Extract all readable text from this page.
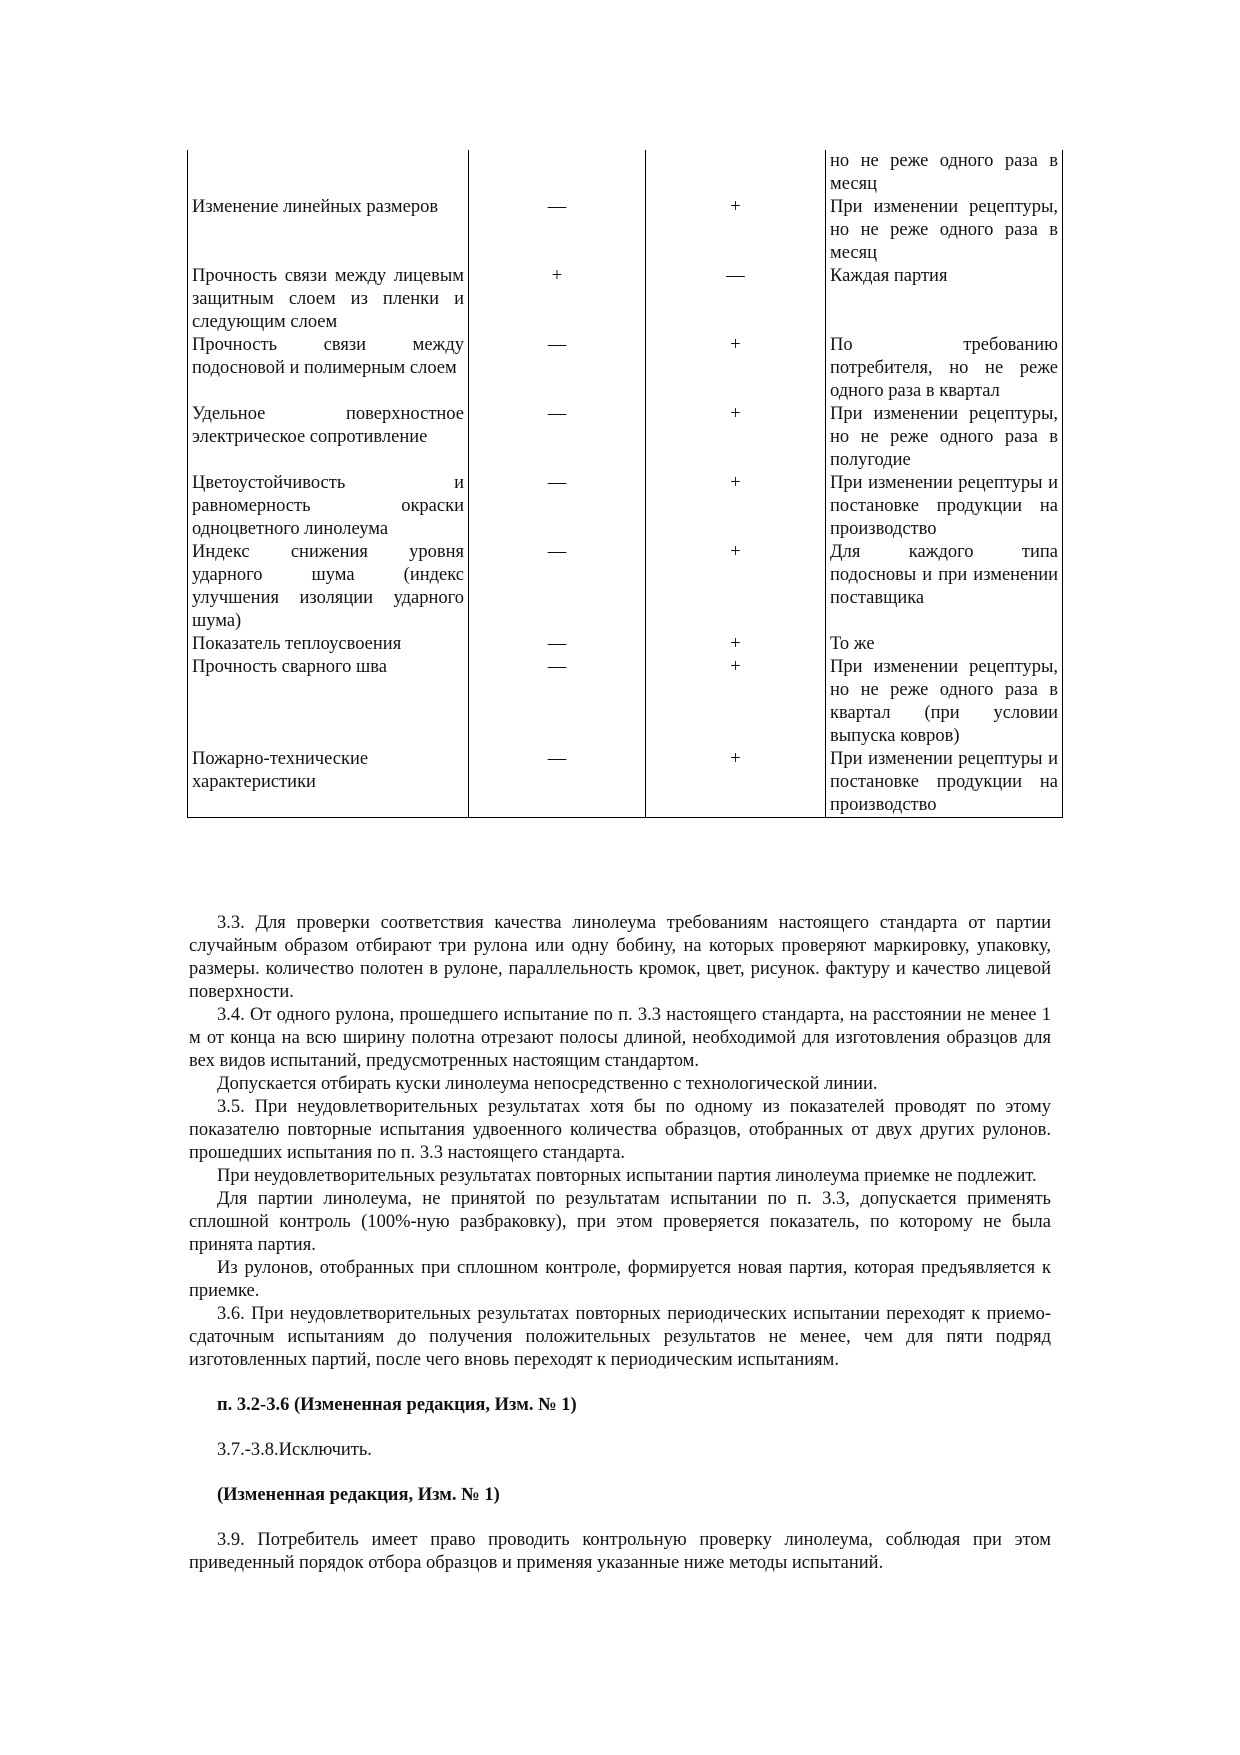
			но не реже одного раза в месяц
Изменение линейных размеров	—	+	При изменении рецептуры, но не реже одного раза в месяц
Прочность связи между лицевым защитным слоем из пленки и следующим слоем	+	—	Каждая партия
Прочность связи между подосновой и полимерным слоем	—	+	По требованию потребителя, но не реже одного раза в квартал
Удельное поверхностное электрическое сопротивление	—	+	При изменении рецептуры, но не реже одного раза в полугодие
Цветоустойчивость и равномерность окраски одноцветного линолеума	—	+	При изменении рецептуры и постановке продукции на производство
Индекс снижения уровня ударного шума (индекс улучшения изоляции ударного шума)	—	+	Для каждого типа подосновы и при изменении поставщика
Показатель теплоусвоения	—	+	То же
Прочность сварного шва	—	+	При изменении рецептуры, но не реже одного раза в квартал (при условии выпуска ковров)
Пожарно-технические характеристики	—	+	При изменении рецептуры и постановке продукции на производство

3.3. Для проверки соответствия качества линолеума требованиям настоящего стандарта от партии случайным образом отбирают три рулона или одну бобину, на которых проверяют маркировку, упаковку, размеры. количество полотен в рулоне, параллельность кромок, цвет, рисунок. фактуру и качество лицевой поверхности.

3.4. От одного рулона, прошедшего испытание по п. 3.3 настоящего стандарта, на расстоянии не менее 1 м от конца на всю ширину полотна отрезают полосы длиной, необходимой для изготовления образцов для вех видов испытаний, предусмотренных настоящим стандартом.

Допускается отбирать куски линолеума непосредственно с технологической линии.

3.5. При неудовлетворительных результатах хотя бы по одному из показателей проводят по этому показателю повторные испытания удвоенного количества образцов, отобранных от двух других рулонов. прошедших испытания по п. 3.3 настоящего стандарта.

При неудовлетворительных результатах повторных испытании партия линолеума приемке не подлежит.

Для партии линолеума, не принятой по результатам испытании по п. 3.3, допускается применять сплошной контроль (100%-ную разбраковку), при этом проверяется показатель, по которому не была принята партия.

Из рулонов, отобранных при сплошном контроле, формируется новая партия, которая предъявляется к приемке.

3.6. При неудовлетворительных результатах повторных периодических испытании переходят к приемо-сдаточным испытаниям до получения положительных результатов не менее, чем для пяти подряд изготовленных партий, после чего вновь переходят к периодическим испытаниям.

п. 3.2-3.6 (Измененная редакция, Изм. № 1)

3.7.-3.8.Исключить.

(Измененная редакция, Изм. № 1)

3.9. Потребитель имеет право проводить контрольную проверку линолеума, соблюдая при этом приведенный порядок отбора образцов и применяя указанные ниже методы испытаний.
